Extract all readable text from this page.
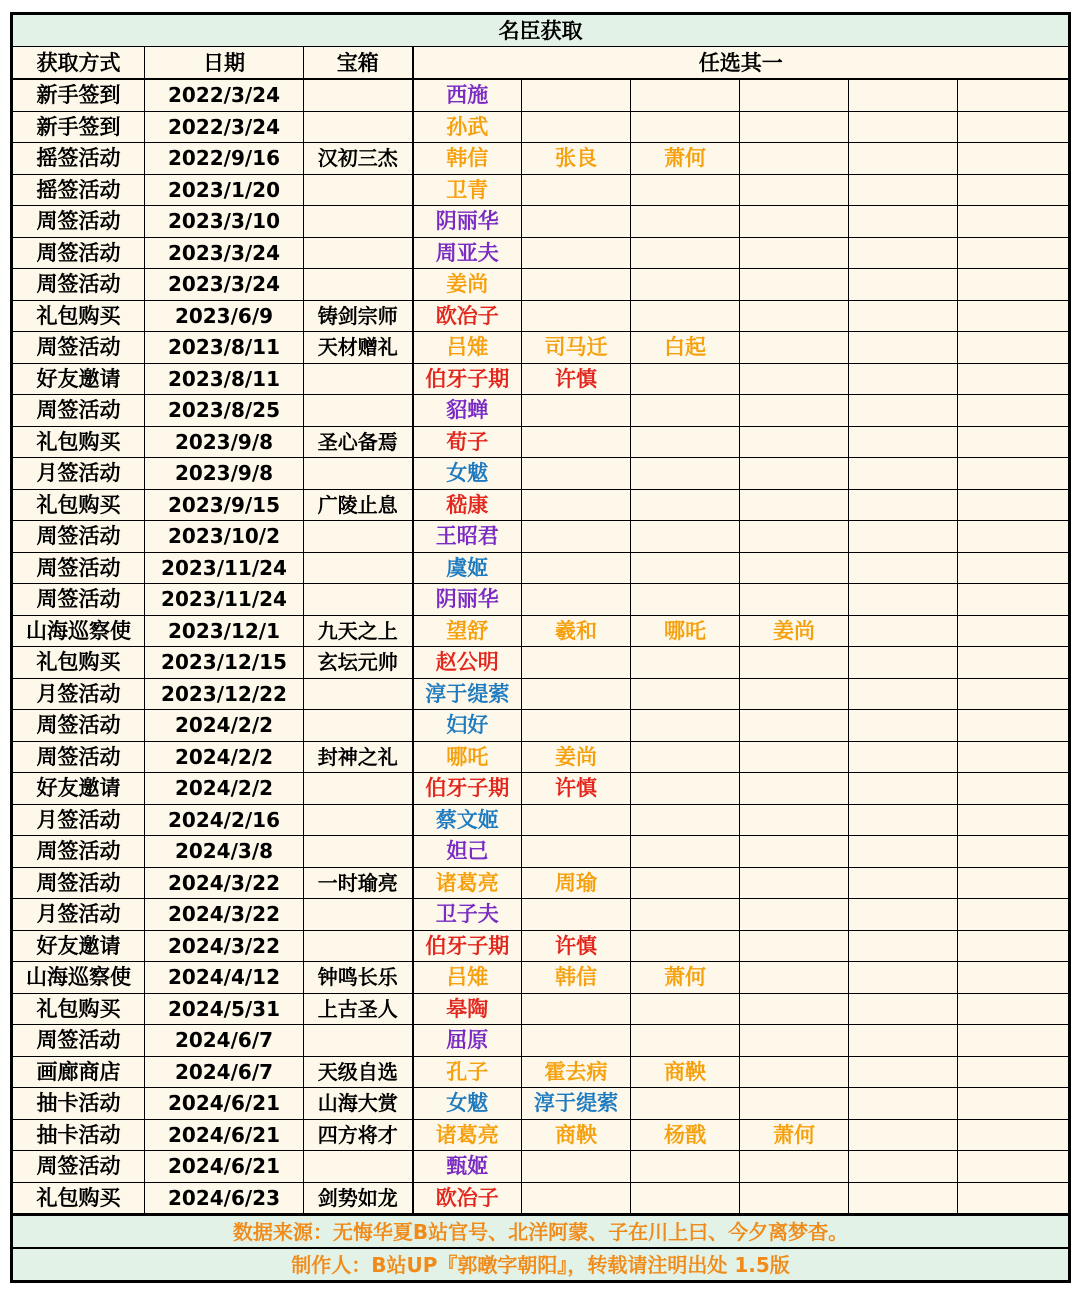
名臣获取								
获取方式	日期	宝箱	任选其一					
新手签到	2022/3/24		西施					
新手签到	2022/3/24		孙武					
摇签活动	2022/9/16	汉初三杰	韩信	张良	萧何			
摇签活动	2023/1/20		卫青					
周签活动	2023/3/10		阴丽华					
周签活动	2023/3/24		周亚夫					
周签活动	2023/3/24		姜尚					
礼包购买	2023/6/9	铸剑宗师	欧冶子					
周签活动	2023/8/11	天材赠礼	吕雉	司马迁	白起			
好友邀请	2023/8/11		伯牙子期	许慎				
周签活动	2023/8/25		貂蝉					
礼包购买	2023/9/8	圣心备焉	荀子					
月签活动	2023/9/8		女魃					
礼包购买	2023/9/15	广陵止息	嵇康					
周签活动	2023/10/2		王昭君					
周签活动	2023/11/24		虞姬					
周签活动	2023/11/24		阴丽华					
山海巡察使	2023/12/1	九天之上	望舒	羲和	哪吒	姜尚		
礼包购买	2023/12/15	玄坛元帅	赵公明					
月签活动	2023/12/22		淳于缇萦					
周签活动	2024/2/2		妇好					
周签活动	2024/2/2	封神之礼	哪吒	姜尚				
好友邀请	2024/2/2		伯牙子期	许慎				
月签活动	2024/2/16		蔡文姬					
周签活动	2024/3/8		妲己					
周签活动	2024/3/22	一时瑜亮	诸葛亮	周瑜				
月签活动	2024/3/22		卫子夫					
好友邀请	2024/3/22		伯牙子期	许慎				
山海巡察使	2024/4/12	钟鸣长乐	吕雉	韩信	萧何			
礼包购买	2024/5/31	上古圣人	皋陶					
周签活动	2024/6/7		屈原					
画廊商店	2024/6/7	天级自选	孔子	霍去病	商鞅			
抽卡活动	2024/6/21	山海大赏	女魃	淳于缇萦				
抽卡活动	2024/6/21	四方将才	诸葛亮	商鞅	杨戬	萧何		
周签活动	2024/6/21		甄姬					
礼包购买	2024/6/23	剑势如龙	欧冶子					
数据来源：无悔华夏B站官号、北洋阿蒙、子在川上曰、今夕离梦杳。								
制作人：B站UP『郭暾字朝阳』，转载请注明出处 1.5版								
